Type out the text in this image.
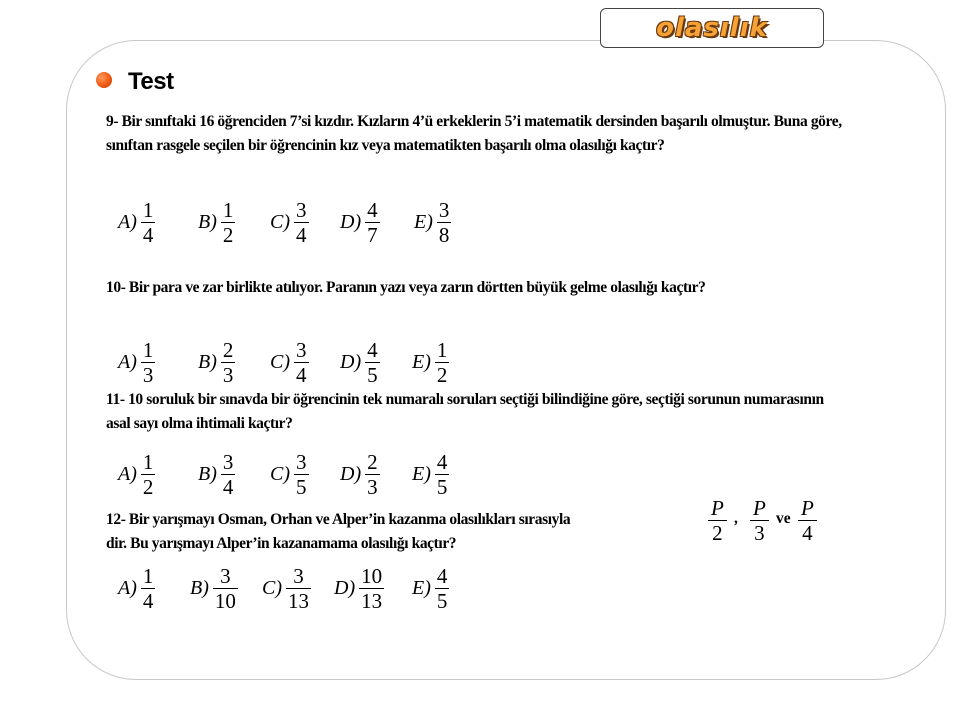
olasılık
Test
9- Bir sınıftaki 16 öğrenciden 7’si kızdır. Kızların 4’ü erkeklerin 5’i matematik dersinden başarılı olmuştur. Buna göre, sınıftan rasgele seçilen bir öğrencinin kız veya matematikten başarılı olma olasılığı kaçtır?
$A) \frac{1}{4} B) \frac{1}{2} C) \frac{3}{4} D) \frac{4}{7} E) \frac{3}{8}$
10- Bir para ve zar birlikte atılıyor. Paranın yazı veya zarın dörtten büyük gelme olasılığı kaçtır?
$A) \frac{1}{3} B) \frac{2}{3} C) \frac{3}{4} D) \frac{4}{5} E) \frac{1}{2}$
11- 10 soruluk bir sınavda bir öğrencinin tek numaralı soruları seçtiği bilindiğine göre, seçtiği sorunun numarasının asal sayı olma ihtimali kaçtır?
$A) \frac{1}{2} B) \frac{3}{4} C) \frac{3}{5} D) \frac{2}{3} E) \frac{4}{5}$
12- Bir yarışmayı Osman, Orhan ve Alper’in kazanma olasılıkları sırasıyla
dir. Bu yarışmayı Alper’in kazanamama olasılığı kaçtır?
P
2
, P
3
ve P
4
$A) \frac{1}{4} B) \frac{3}{10} C) \frac{3}{13} D) \frac{10}{13} E) \frac{4}{5}$
